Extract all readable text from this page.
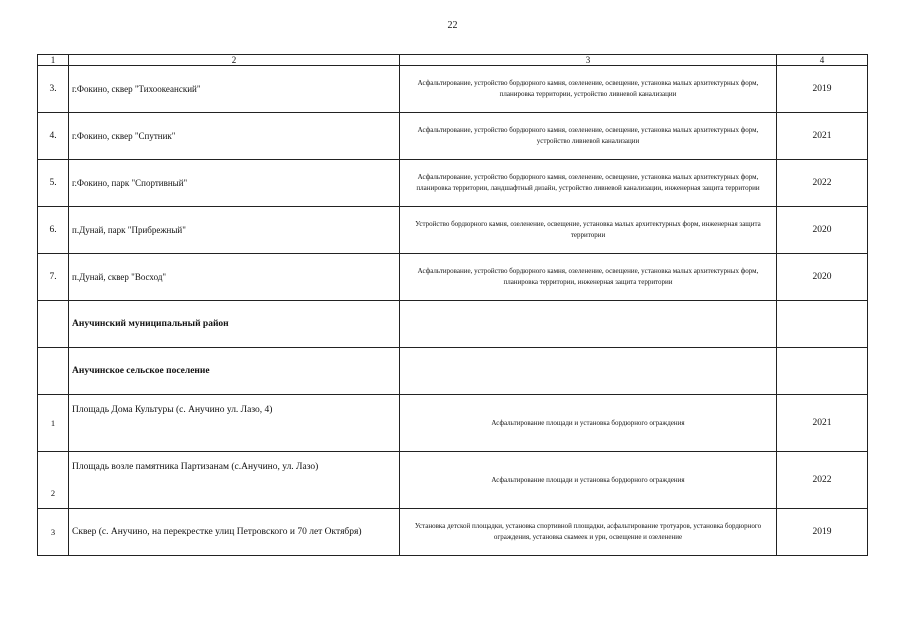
22
1	2	3	4
3.	г.Фокино, сквер "Тихоокеанский"	Асфальтирование, устройство бордюрного камня, озеленение, освещение, установка малых архитектурных форм, планировка территории, устройство ливневой канализации	2019
4.	г.Фокино, сквер "Спутник"	Асфальтирование, устройство бордюрного камня, озеленение, освещение, установка малых архитектурных форм, устройство ливневой канализации	2021
5.	г.Фокино, парк "Спортивный"	Асфальтирование, устройство бордюрного камня, озеленение, освещение, установка малых архитектурных форм, планировка территории, ландшафтный дизайн, устройство ливневой канализации, инженерная защита территории	2022
6.	п.Дунай, парк "Прибрежный"	Устройство бордюрного камня, озеленение, освещение, установка малых архитектурных форм, инженерная защита территории	2020
7.	п.Дунай, сквер "Восход"	Асфальтирование, устройство бордюрного камня, озеленение, освещение, установка малых архитектурных форм, планировка территории, инженерная защита территории	2020
	Анучинский муниципальный район		
	Анучинское сельское поселение		
1	Площадь Дома Культуры (с. Анучино ул. Лазо, 4)	Асфальтирование площади и установка бордюрного ограждения	2021
2	Площадь возле памятника Партизанам (с.Анучино, ул. Лазо)	Асфальтирование площади и установка бордюрного ограждения	2022
3	Сквер (с. Анучино, на перекрестке улиц Петровского и 70 лет Октября)	Установка детской площадки, установка спортивной площадки, асфальтирование тротуаров, установка бордюрного ограждения, установка скамеек и урн, освещение и озеленение	2019
